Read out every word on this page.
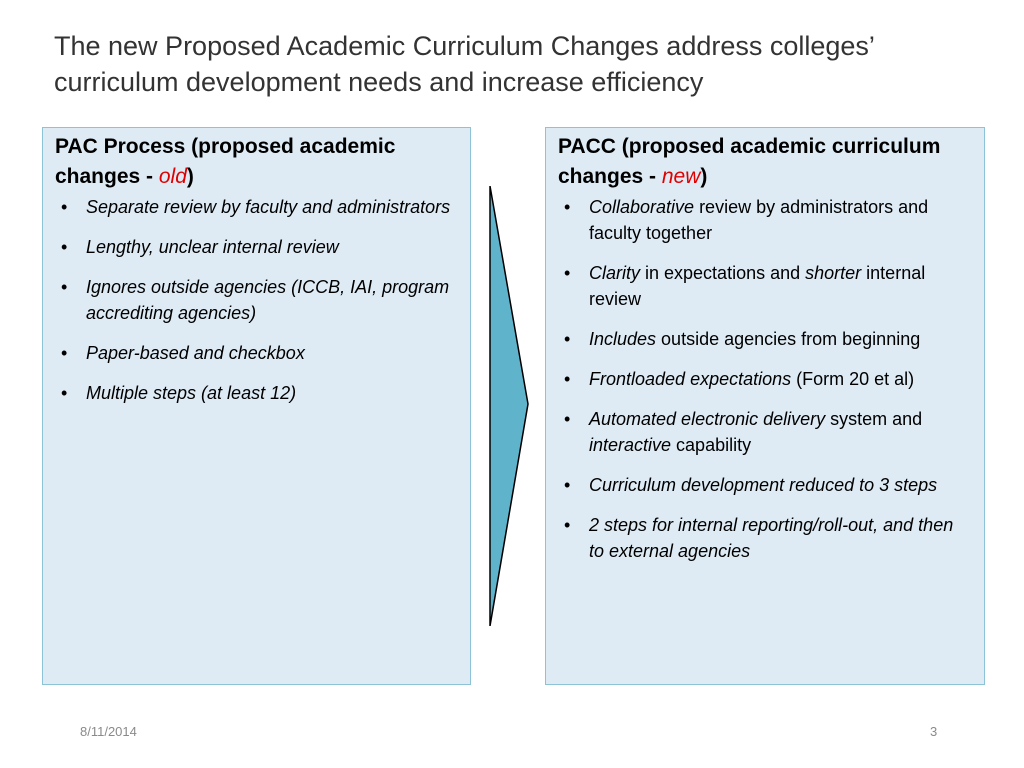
The new Proposed Academic Curriculum Changes address colleges’ curriculum development needs and increase efficiency
PAC Process (proposed academic changes - old)
• Separate review by faculty and administrators
• Lengthy, unclear internal review
• Ignores outside agencies (ICCB, IAI, program accrediting agencies)
• Paper-based and checkbox
• Multiple steps (at least 12)
PACC (proposed academic curriculum changes - new)
• Collaborative review by administrators and faculty together
• Clarity in expectations and shorter internal review
• Includes outside agencies from beginning
• Frontloaded expectations (Form 20 et al)
• Automated electronic delivery system and interactive capability
• Curriculum development reduced to 3 steps
• 2 steps for internal reporting/roll-out, and then to external agencies
8/11/2014	3
